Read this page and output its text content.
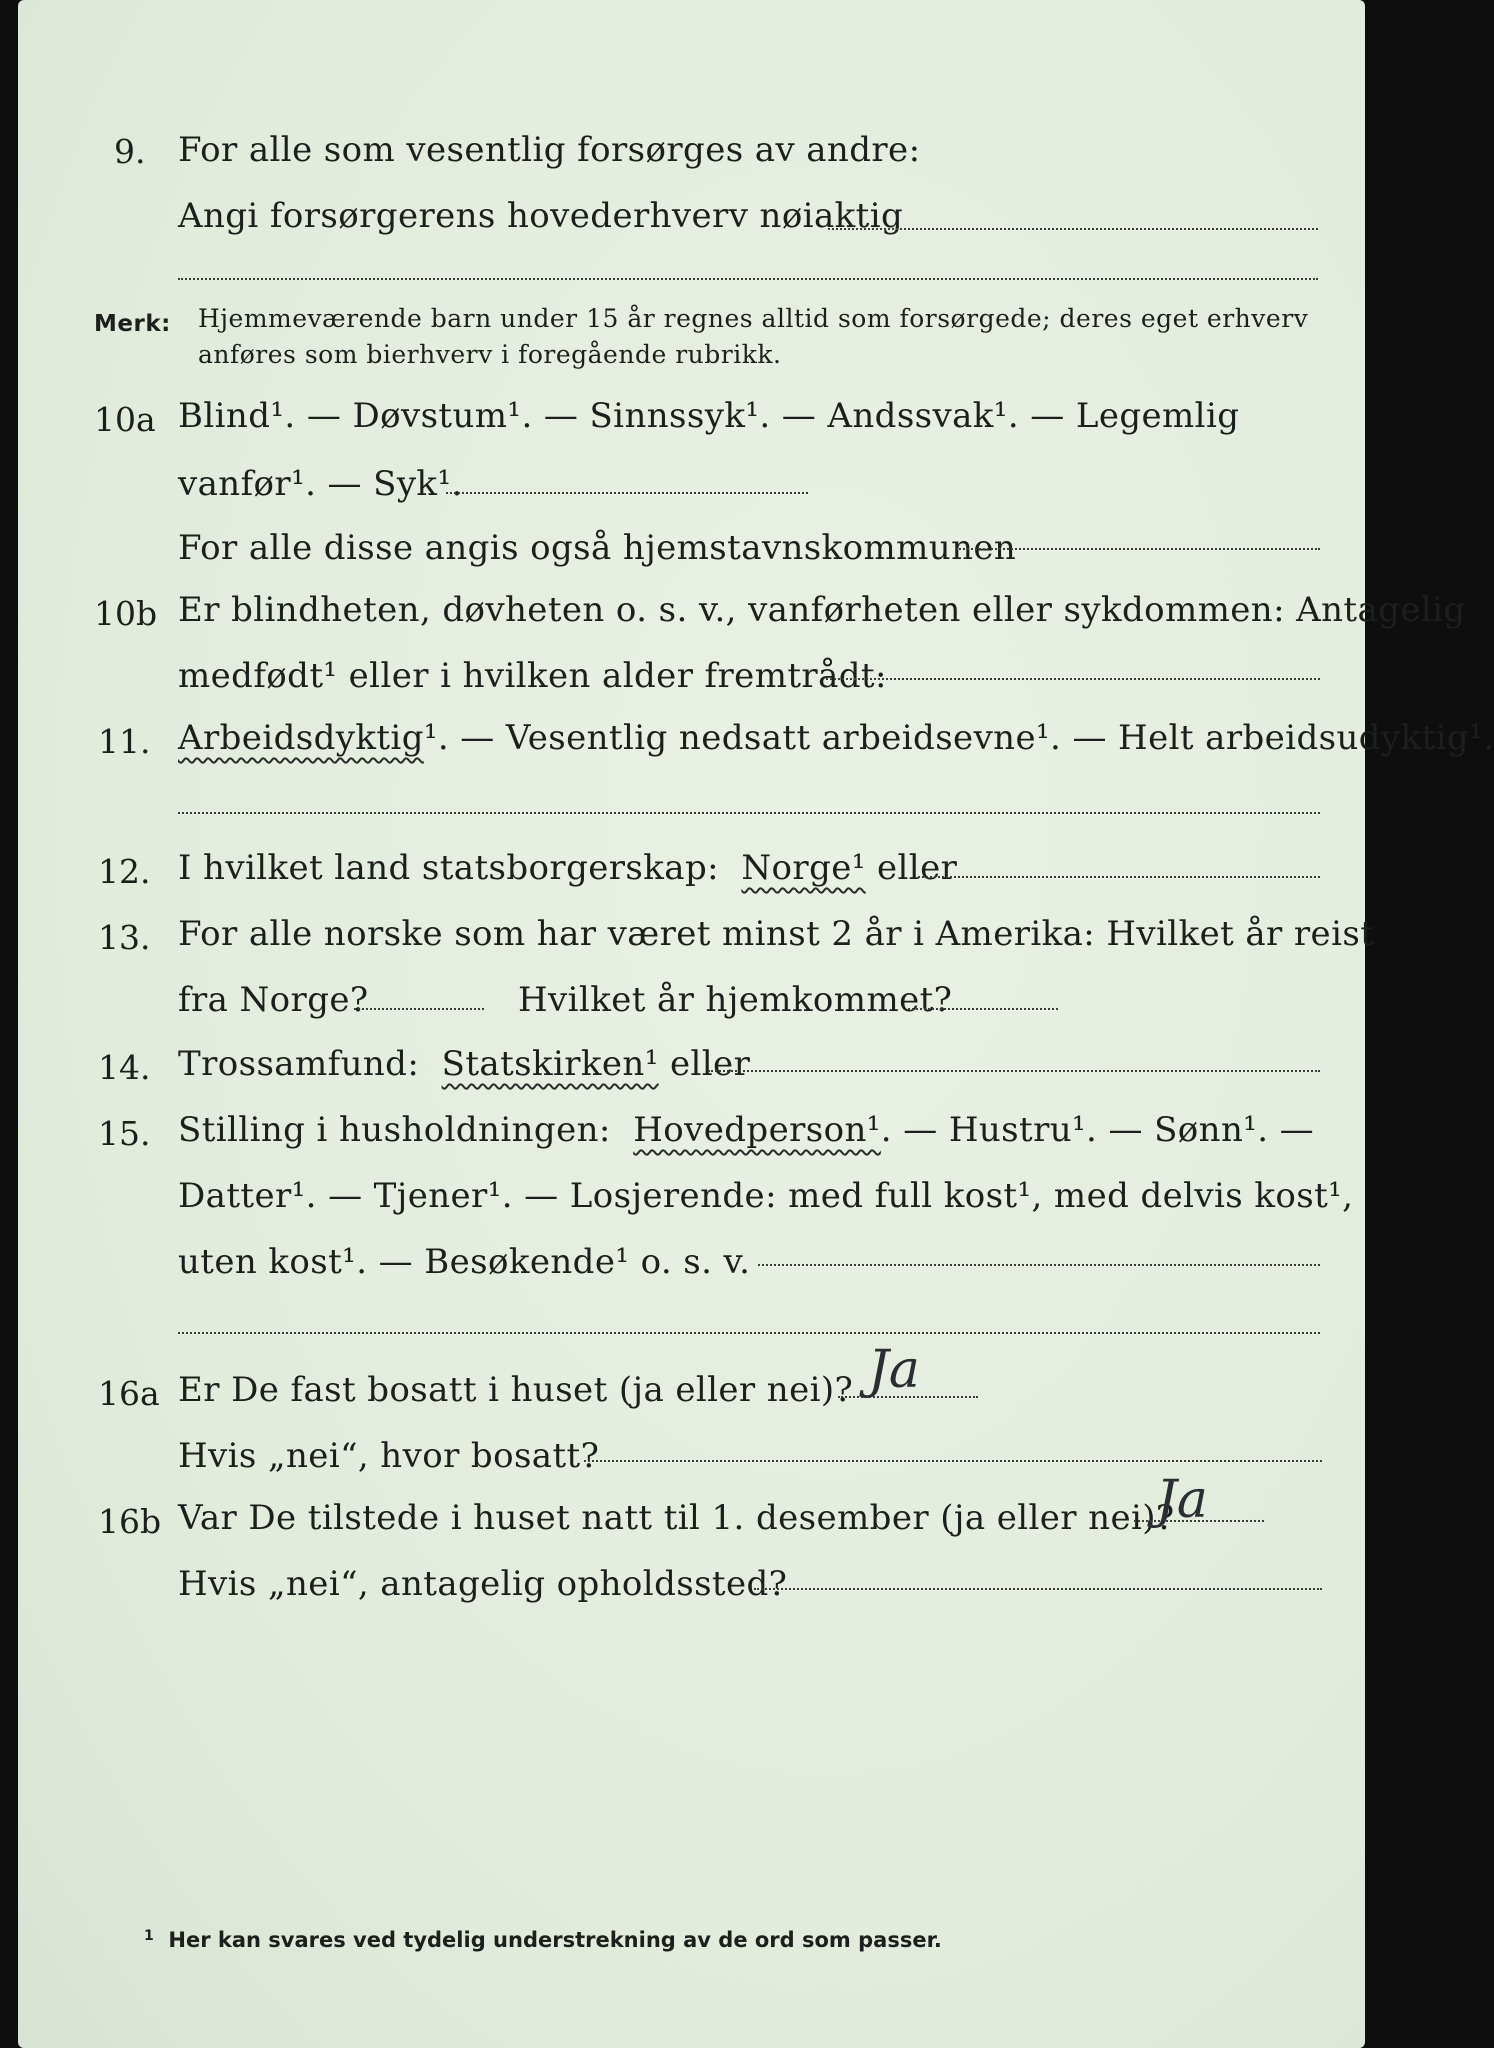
9. For alle som vesentlig forsørges av andre:
Angi forsørgerens hovederhverv nøiaktig
Merk: Hjemmeværende barn under 15 år regnes alltid som forsørgede; deres eget erhverv
anføres som bierhverv i foregående rubrikk.
10a Blind¹. — Døvstum¹. — Sinnssyk¹. — Andssvak¹. — Legemlig
vanfør¹. — Syk¹.
For alle disse angis også hjemstavnskommunen
10b Er blindheten, døvheten o. s. v., vanførheten eller sykdommen: Antagelig
medfødt¹ eller i hvilken alder fremtrådt:
11. Arbeidsdyktig¹. — Vesentlig nedsatt arbeidsevne¹. — Helt arbeidsudyktig¹.
12. I hvilket land statsborgerskap: Norge¹ eller
13. For alle norske som har været minst 2 år i Amerika: Hvilket år reist
fra Norge?	Hvilket år hjemkommet?
14. Trossamfund: Statskirken¹ eller
15. Stilling i husholdningen: Hovedperson¹. — Hustru¹. — Sønn¹. —
Datter¹. — Tjener¹. — Losjerende: med full kost¹, med delvis kost¹,
uten kost¹. — Besøkende¹ o. s. v.
16a Er De fast bosatt i huset (ja eller nei)? Ja
Hvis „nei“, hvor bosatt?
16b Var De tilstede i huset natt til 1. desember (ja eller nei)?
Ja
Hvis „nei“, antagelig opholdssted?
$^1$ Her kan svares ved tydelig understrekning av de ord som passer.
